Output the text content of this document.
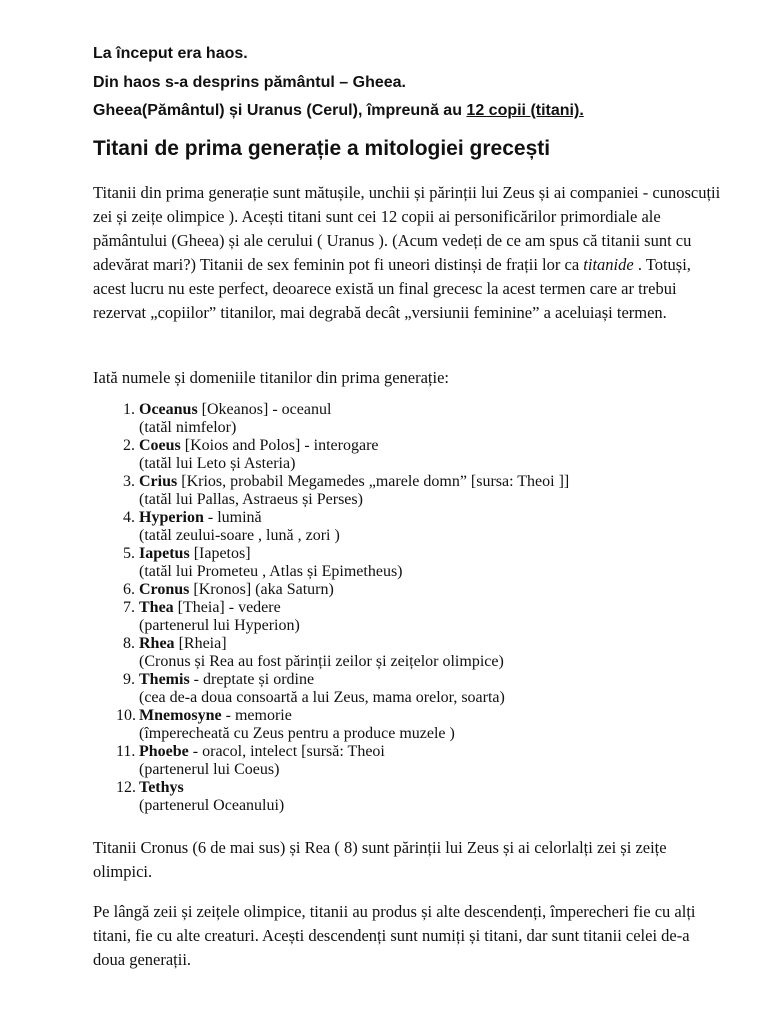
La început era haos.

Din haos s-a desprins pământul – Gheea.

Gheea(Pământul) și Uranus (Cerul), împreună au 12 copii (titani).

Titani de prima generație a mitologiei grecești

Titanii din prima generație sunt mătușile, unchii și părinții lui Zeus și ai companiei - cunoscuții zei și zeițe olimpice ). Acești titani sunt cei 12 copii ai personificărilor primordiale ale pământului (Gheea) și ale cerului ( Uranus ). (Acum vedeți de ce am spus că titanii sunt cu adevărat mari?) Titanii de sex feminin pot fi uneori distinși de frații lor ca titanide . Totuși, acest lucru nu este perfect, deoarece există un final grecesc la acest termen care ar trebui rezervat „copiilor” titanilor, mai degrabă decât „versiunii feminine” a aceluiași termen.

Iată numele și domeniile titanilor din prima generație:

1. Oceanus [Okeanos] - oceanul
(tatăl nimfelor)
2. Coeus [Koios and Polos] - interogare
(tatăl lui Leto și Asteria)
3. Crius [Krios, probabil Megamedes „marele domn” [sursa: Theoi ]]
(tatăl lui Pallas, Astraeus și Perses)
4. Hyperion - lumină
(tatăl zeului-soare , lună , zori )
5. Iapetus [Iapetos]
(tatăl lui Prometeu , Atlas și Epimetheus)
6. Cronus [Kronos] (aka Saturn)
7. Thea [Theia] - vedere
(partenerul lui Hyperion)
8. Rhea [Rheia]
(Cronus și Rea au fost părinții zeilor și zeițelor olimpice)
9. Themis - dreptate și ordine
(cea de-a doua consoartă a lui Zeus, mama orelor, soarta)
10. Mnemosyne - memorie
(împerecheată cu Zeus pentru a produce muzele )
11. Phoebe - oracol, intelect [sursă: Theoi
(partenerul lui Coeus)
12. Tethys
(partenerul Oceanului)

Titanii Cronus (6 de mai sus) și Rea ( 8) sunt părinții lui Zeus și ai celorlalți zei și zeițe olimpici.

Pe lângă zeii și zeițele olimpice, titanii au produs și alte descendenți, împerecheri fie cu alți titani, fie cu alte creaturi. Acești descendenți sunt numiți și titani, dar sunt titanii celei de-a doua generații.
